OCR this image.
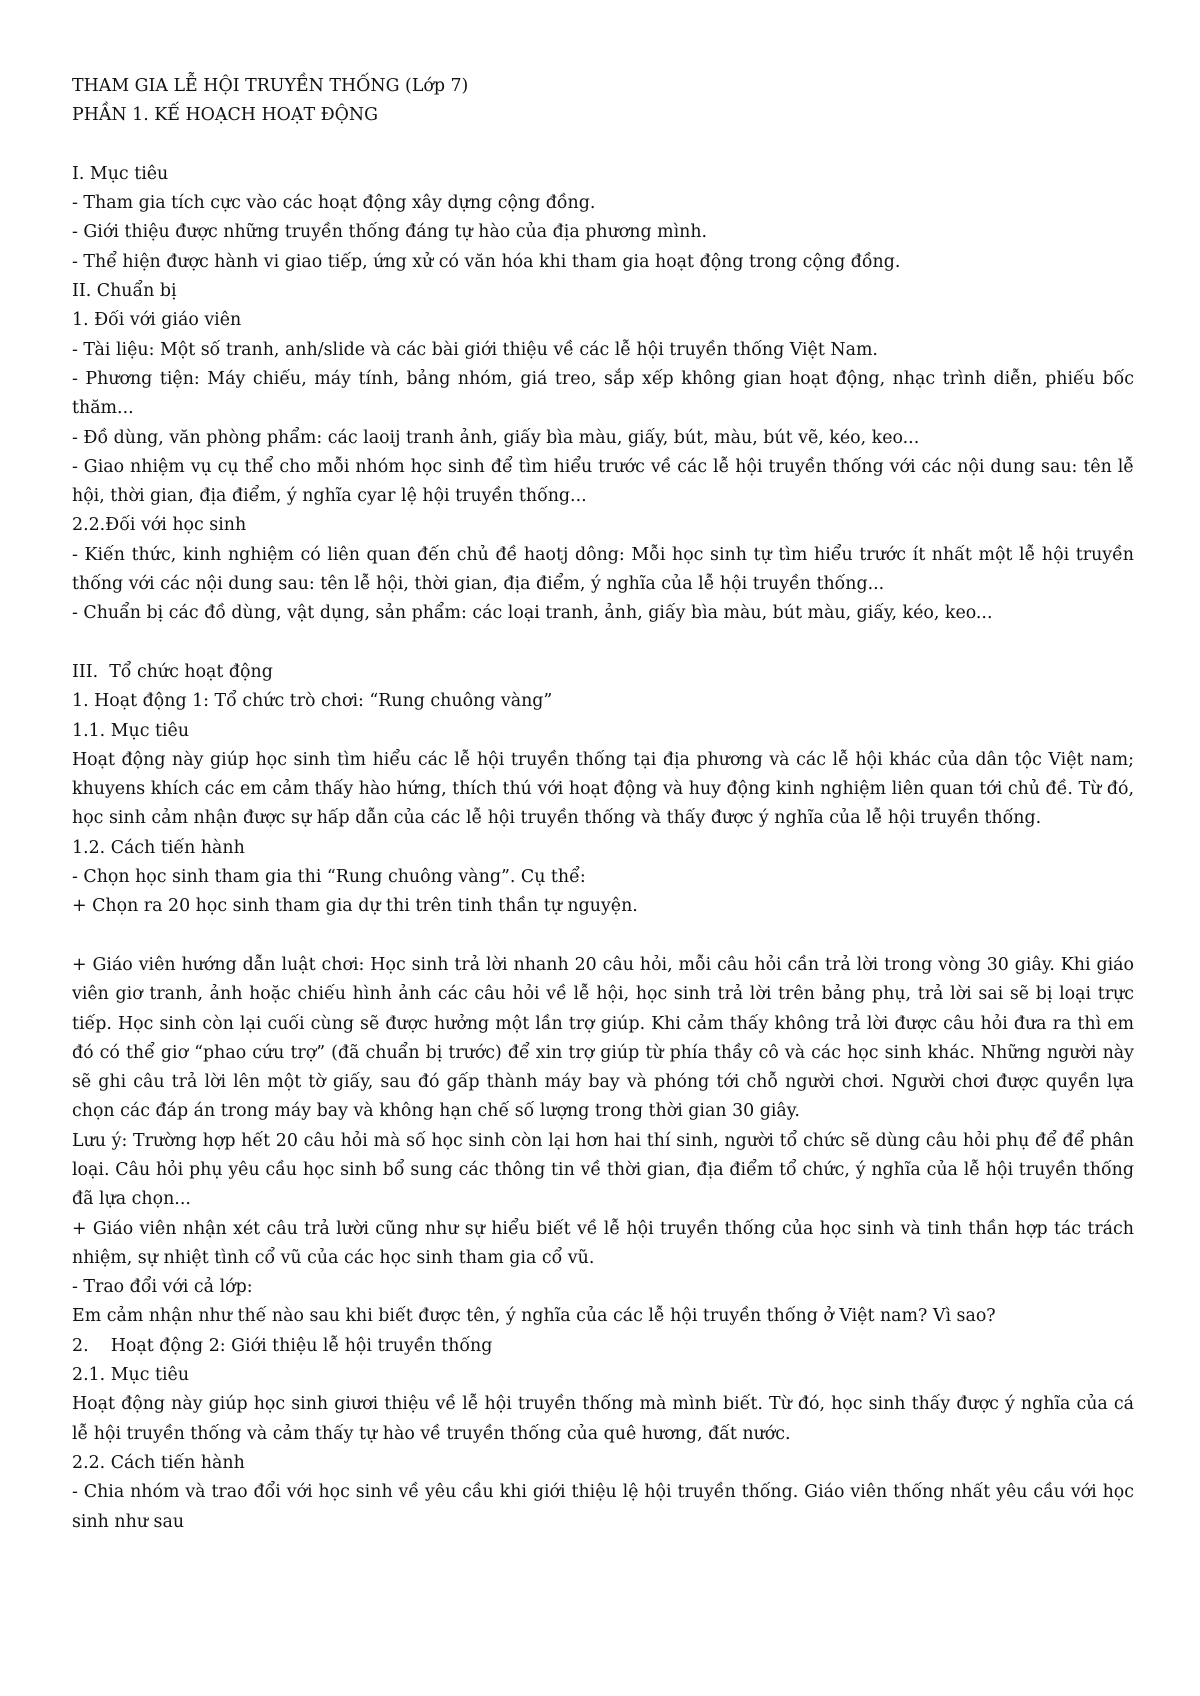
THAM GIA LỄ HỘI TRUYỀN THỐNG (Lớp 7)
PHẦN 1. KẾ HOẠCH HOẠT ĐỘNG
I. Mục tiêu
- Tham gia tích cực vào các hoạt động xây dựng cộng đồng.
- Giới thiệu được những truyền thống đáng tự hào của địa phương mình.
- Thể hiện được hành vi giao tiếp, ứng xử có văn hóa khi tham gia hoạt động trong cộng đồng.
II. Chuẩn bị
1. Đối với giáo viên
- Tài liệu: Một số tranh, anh/slide và các bài giới thiệu về các lễ hội truyền thống Việt Nam.
- Phương tiện: Máy chiếu, máy tính, bảng nhóm, giá treo, sắp xếp không gian hoạt động, nhạc trình diễn, phiếu bốc thăm...
- Đồ dùng, văn phòng phẩm: các laoij tranh ảnh, giấy bìa màu, giấy, bút, màu, bút vẽ, kéo, keo...
- Giao nhiệm vụ cụ thể cho mỗi nhóm học sinh để tìm hiểu trước về các lễ hội truyền thống với các nội dung sau: tên lễ hội, thời gian, địa điểm, ý nghĩa cyar lệ hội truyền thống...
2.2.Đối với học sinh
- Kiến thức, kinh nghiệm có liên quan đến chủ đề haotj dông: Mỗi học sinh tự tìm hiểu trước ít nhất một lễ hội truyền thống với các nội dung sau: tên lễ hội, thời gian, địa điểm, ý nghĩa của lễ hội truyền thống...
- Chuẩn bị các đồ dùng, vật dụng, sản phẩm: các loại tranh, ảnh, giấy bìa màu, bút màu, giấy, kéo, keo...
III.  Tổ chức hoạt động
1. Hoạt động 1: Tổ chức trò chơi: “Rung chuông vàng”
1.1. Mục tiêu
Hoạt động này giúp học sinh tìm hiểu các lễ hội truyền thống tại địa phương và các lễ hội khác của dân tộc Việt nam; khuyens khích các em cảm thấy hào hứng, thích thú với hoạt động và huy động kinh nghiệm liên quan tới chủ đề. Từ đó, học sinh cảm nhận được sự hấp dẫn của các lễ hội truyền thống và thấy được ý nghĩa của lễ hội truyền thống.
1.2. Cách tiến hành
- Chọn học sinh tham gia thi “Rung chuông vàng”. Cụ thể:
+ Chọn ra 20 học sinh tham gia dự thi trên tinh thần tự nguyện.
+ Giáo viên hướng dẫn luật chơi: Học sinh trả lời nhanh 20 câu hỏi, mỗi câu hỏi cần trả lời trong vòng 30 giây. Khi giáo viên giơ tranh, ảnh hoặc chiếu hình ảnh các câu hỏi về lễ hội, học sinh trả lời trên bảng phụ, trả lời sai sẽ bị loại trực tiếp. Học sinh còn lại cuối cùng sẽ được hưởng một lần trợ giúp. Khi cảm thấy không trả lời được câu hỏi đưa ra thì em đó có thể giơ “phao cứu trợ” (đã chuẩn bị trước) để xin trợ giúp từ phía thầy cô và các học sinh khác. Những người này sẽ ghi câu trả lời lên một tờ giấy, sau đó gấp thành máy bay và phóng tới chỗ người chơi. Người chơi được quyền lựa chọn các đáp án trong máy bay và không hạn chế số lượng trong thời gian 30 giây.
Lưu ý: Trường hợp hết 20 câu hỏi mà số học sinh còn lại hơn hai thí sinh, người tổ chức sẽ dùng câu hỏi phụ để để phân loại. Câu hỏi phụ yêu cầu học sinh bổ sung các thông tin về thời gian, địa điểm tổ chức, ý nghĩa của lễ hội truyền thống đã lựa chọn...
+ Giáo viên nhận xét câu trả lười cũng như sự hiểu biết về lễ hội truyền thống của học sinh và tinh thần hợp tác trách nhiệm, sự nhiệt tình cổ vũ của các học sinh tham gia cổ vũ.
- Trao đổi với cả lớp:
Em cảm nhận như thế nào sau khi biết được tên, ý nghĩa của các lễ hội truyền thống ở Việt nam? Vì sao?
2.    Hoạt động 2: Giới thiệu lễ hội truyền thống
2.1. Mục tiêu
Hoạt động này giúp học sinh giươi thiệu về lễ hội truyền thống mà mình biết. Từ đó, học sinh thấy được ý nghĩa của cá lễ hội truyền thống và cảm thấy tự hào về truyền thống của quê hương, đất nước.
2.2. Cách tiến hành
- Chia nhóm và trao đổi với học sinh về yêu cầu khi giới thiệu lệ hội truyền thống. Giáo viên thống nhất yêu cầu với học sinh như sau
